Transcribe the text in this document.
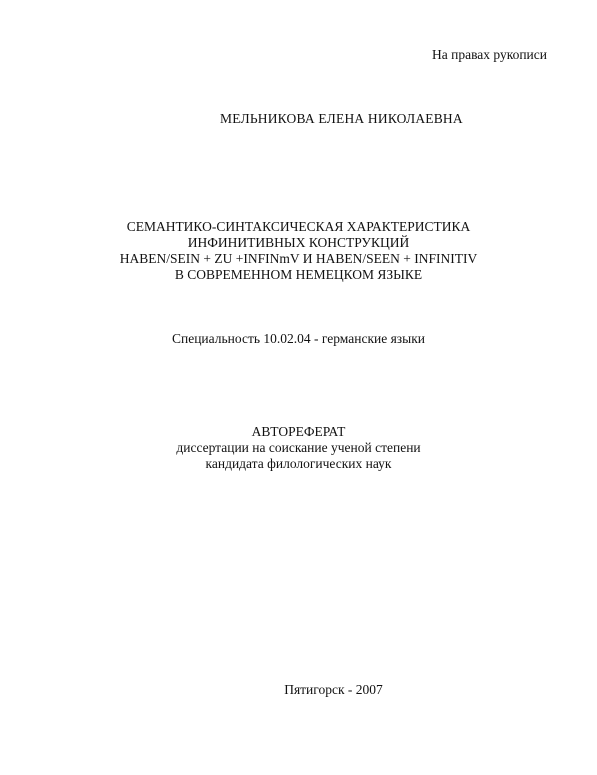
На правах рукописи
МЕЛЬНИКОВА ЕЛЕНА НИКОЛАЕВНА
СЕМАНТИКО-СИНТАКСИЧЕСКАЯ ХАРАКТЕРИСТИКА
ИНФИНИТИВНЫХ КОНСТРУКЦИЙ
HABEN/SEIN + ZU +INFINmV И HABEN/SEEN + INFINITIV
В СОВРЕМЕННОМ НЕМЕЦКОМ ЯЗЫКЕ
Специальность 10.02.04 - германские языки
АВТОРЕФЕРАТ
диссертации на соискание ученой степени
кандидата филологических наук
Пятигорск - 2007
